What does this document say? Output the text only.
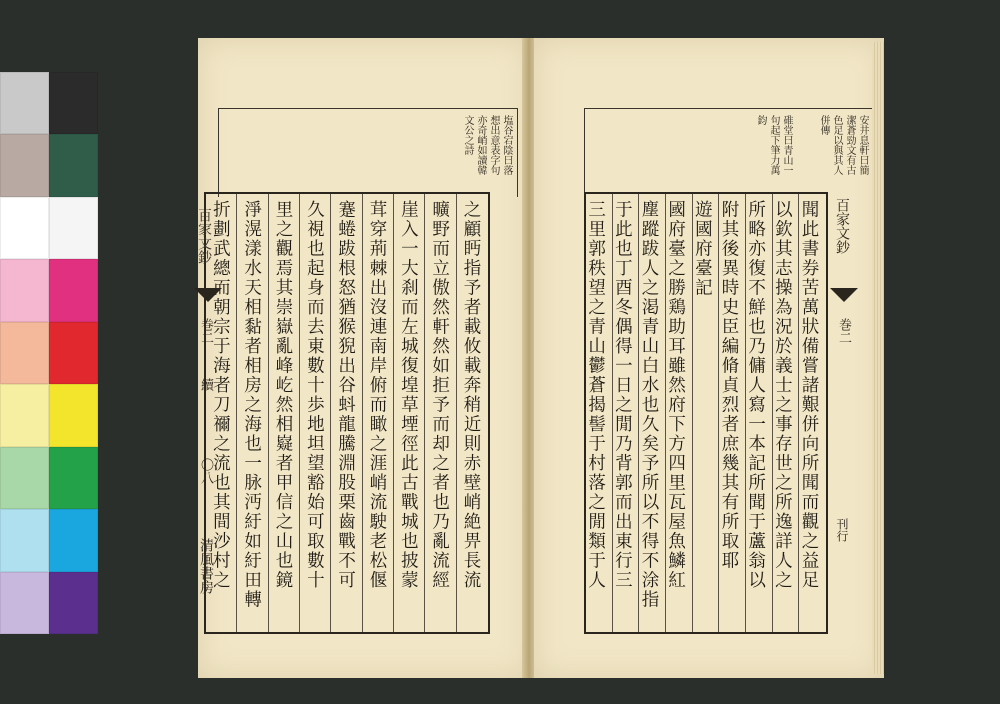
塩谷宕陰曰落
想出意表字句
亦奇峭如讀韓
文公之詩
之顧眄指予者載攸載奔稍近則赤壁峭絶畀長流
曠野而立傲然軒然如拒予而却之者也乃亂流經
崖入一大刹而左城復堭草堙徑此古戰城也披蒙
茸穿荊棘出沒連南岸俯而瞰之涯峭流駛老松偃
蹇蜷跋根怒猶猴猊出谷蚪龍騰淵股栗齒戰不可
久視也起身而去東數十歩地坦望豁始可取數十
里之觀焉其崇嶽亂峰屹然相嶷者甲信之山也鏡
淨滉漾水天相黏者相房之海也一脉沔紆如紆田轉
折劃武總而朝宗于海者刀禰之流也其間沙村之
百家文鈔
巻二
續
〇八
清風書房
安井息軒曰簡
潔蒼勁文有古
色足以與其人
併傳
碓堂曰青山一
句起下筆力萬
鈞
聞此書券苦萬狀備嘗諸艱併向所聞而觀之益足
以欽其志操為況於義士之事存世之所逸詳人之
所略亦復不鮮也乃傭人寫一本記所聞于蘆翁以
附其後異時史臣編脩貞烈者庶幾其有所取耶
遊國府臺記
國府臺之勝鶏助耳雖然府下方四里瓦屋魚鱗紅
塵蹤跋人之渇青山白水也久矣予所以不得不涂指
于此也丁酉冬偶得一日之閒乃背郭而出東行三
三里郭秩望之青山鬱蒼揭髻于村落之閒類于人	百家文鈔
巻二
刊行
